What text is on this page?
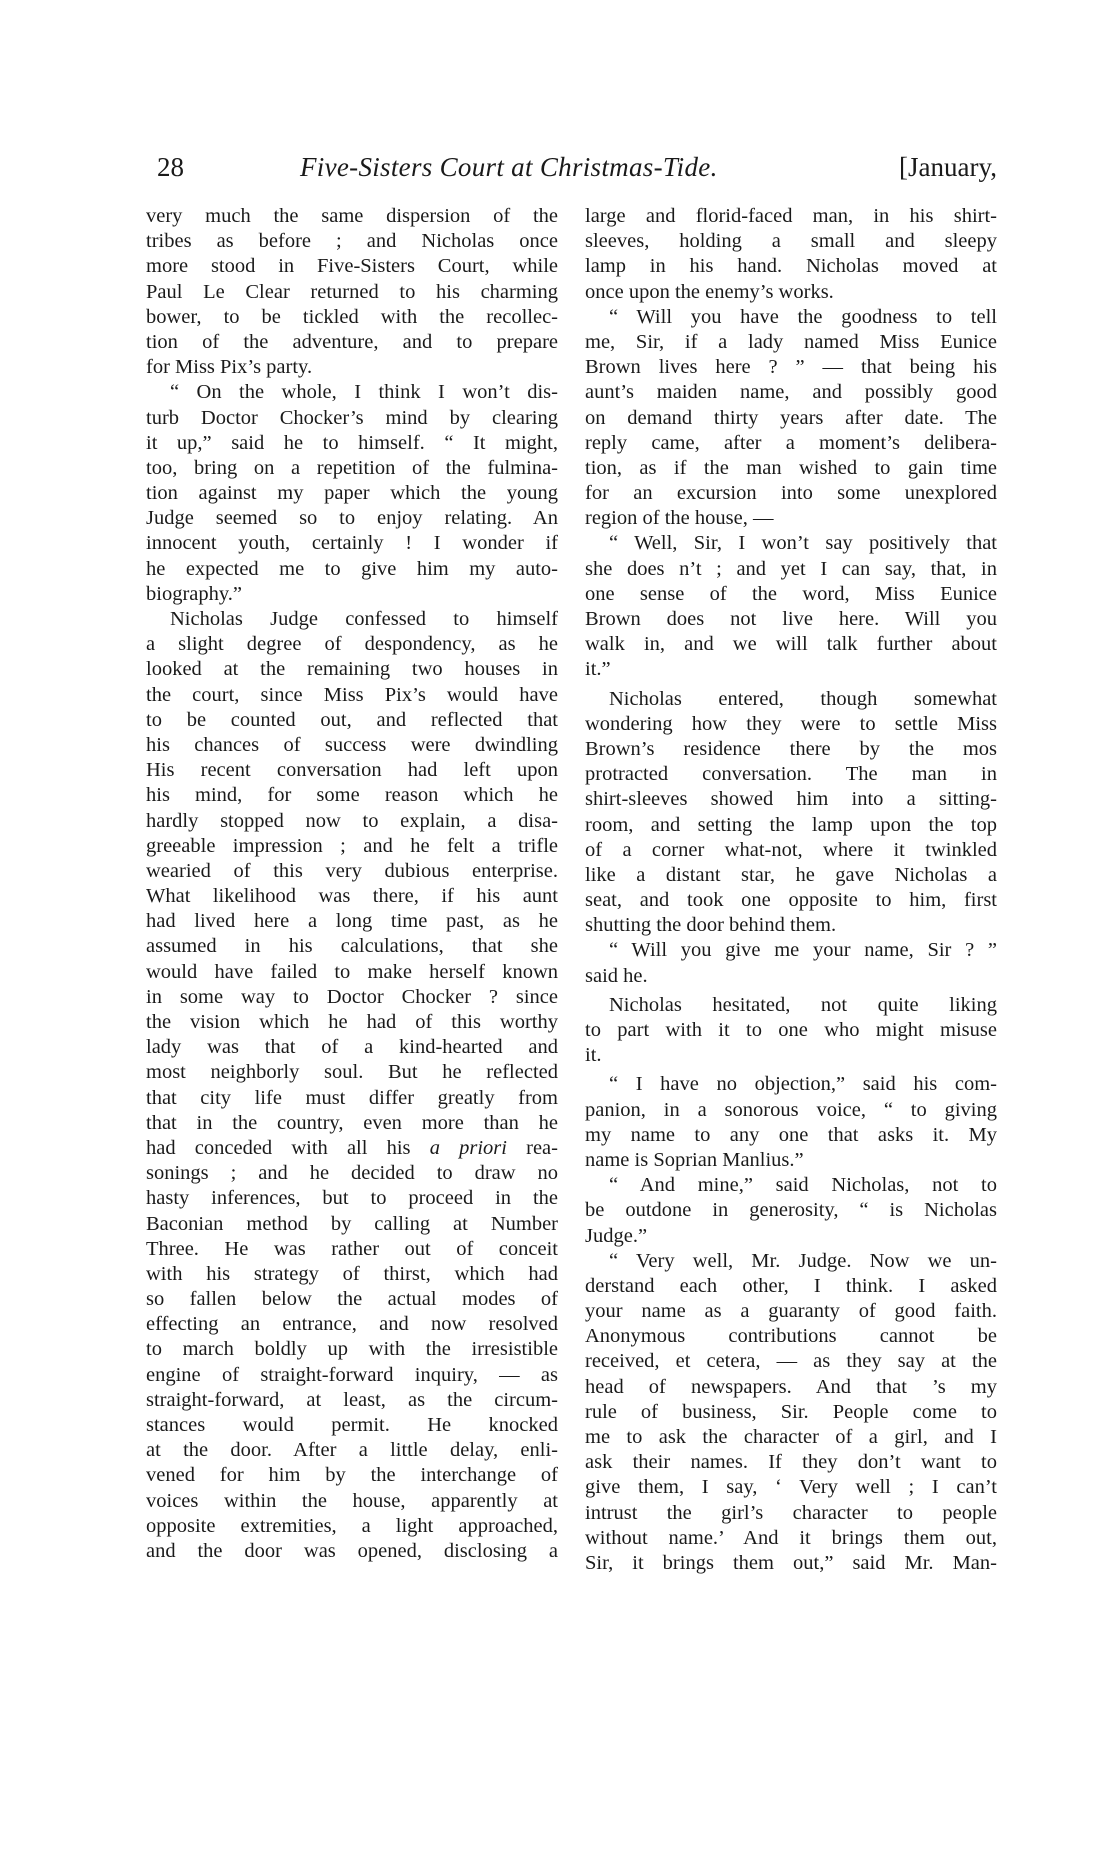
28	Five-Sisters Court at Christmas-Tide.	[January,
very much the same dispersion of the
tribes as before ; and Nicholas once
more stood in Five-Sisters Court, while
Paul Le Clear returned to his charming
bower, to be tickled with the recollec-
tion of the adventure, and to prepare
for Miss Pix’s party.
“ On the whole, I think I won’t dis-
turb Doctor Chocker’s mind by clearing
it up,” said he to himself. “ It might,
too, bring on a repetition of the fulmina-
tion against my paper which the young
Judge seemed so to enjoy relating. An
innocent youth, certainly ! I wonder if
he expected me to give him my auto-
biography.”
Nicholas Judge confessed to himself
a slight degree of despondency, as he
looked at the remaining two houses in
the court, since Miss Pix’s would have
to be counted out, and reflected that
his chances of success were dwindling
His recent conversation had left upon
his mind, for some reason which he
hardly stopped now to explain, a disa-
greeable impression ; and he felt a trifle
wearied of this very dubious enterprise.
What likelihood was there, if his aunt
had lived here a long time past, as he
assumed in his calculations, that she
would have failed to make herself known
in some way to Doctor Chocker ? since
the vision which he had of this worthy
lady was that of a kind-hearted and
most neighborly soul. But he reflected
that city life must differ greatly from
that in the country, even more than he
had conceded with all his a priori rea-
sonings ; and he decided to draw no
hasty inferences, but to proceed in the
Baconian method by calling at Number
Three. He was rather out of conceit
with his strategy of thirst, which had
so fallen below the actual modes of
effecting an entrance, and now resolved
to march boldly up with the irresistible
engine of straight-forward inquiry, — as
straight-forward, at least, as the circum-
stances would permit. He knocked
at the door. After a little delay, enli-
vened for him by the interchange of
voices within the house, apparently at
opposite extremities, a light approached,
and the door was opened, disclosing a
large and florid-faced man, in his shirt-
sleeves, holding a small and sleepy
lamp in his hand. Nicholas moved at
once upon the enemy’s works.
“ Will you have the goodness to tell
me, Sir, if a lady named Miss Eunice
Brown lives here ? ” — that being his
aunt’s maiden name, and possibly good
on demand thirty years after date. The
reply came, after a moment’s delibera-
tion, as if the man wished to gain time
for an excursion into some unexplored
region of the house, —
“ Well, Sir, I won’t say positively that
she does n’t ; and yet I can say, that, in
one sense of the word, Miss Eunice
Brown does not live here. Will you
walk in, and we will talk further about
it.”
Nicholas entered, though somewhat
wondering how they were to settle Miss
Brown’s residence there by the mos
protracted conversation. The man in
shirt-sleeves showed him into a sitting-
room, and setting the lamp upon the top
of a corner what-not, where it twinkled
like a distant star, he gave Nicholas a
seat, and took one opposite to him, first
shutting the door behind them.
“ Will you give me your name, Sir ? ”
said he.
Nicholas hesitated, not quite liking
to part with it to one who might misuse
it.
“ I have no objection,” said his com-
panion, in a sonorous voice, “ to giving
my name to any one that asks it. My
name is Soprian Manlius.”
“ And mine,” said Nicholas, not to
be outdone in generosity, “ is Nicholas
Judge.”
“ Very well, Mr. Judge. Now we un-
derstand each other, I think. I asked
your name as a guaranty of good faith.
Anonymous contributions cannot be
received, et cetera, — as they say at the
head of newspapers. And that ’s my
rule of business, Sir. People come to
me to ask the character of a girl, and I
ask their names. If they don’t want to
give them, I say, ‘ Very well ; I can’t
intrust the girl’s character to people
without name.’ And it brings them out,
Sir, it brings them out,” said Mr. Man-
